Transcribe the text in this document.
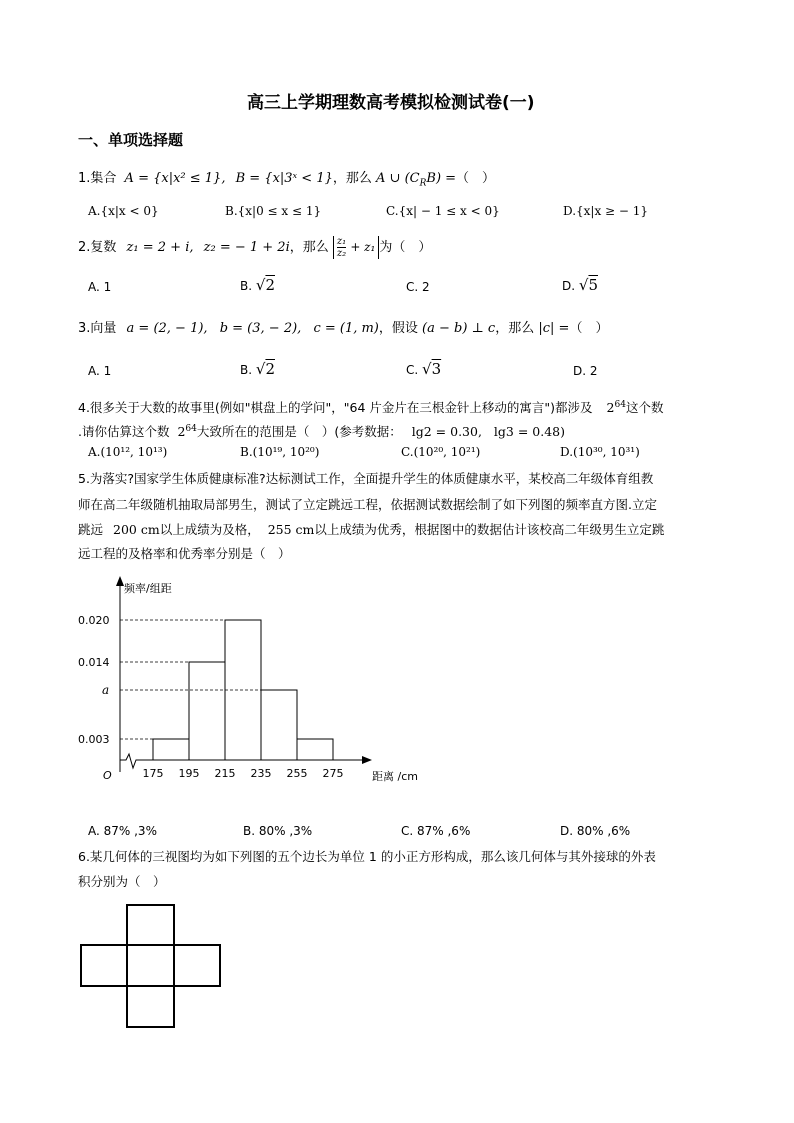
高三上学期理数高考模拟检测试卷(一)
一、单项选择题
1.集合 A = {x|x² ≤ 1}, B = {x|3ˣ < 1}，那么 A ∪ $(C_RB)$ =（　）
A.{x|x < 0}	B.{x|0 ≤ x ≤ 1}	C.{x| − 1 ≤ x < 0}	D.{x|x ≥ − 1}
2.复数 z₁ = 2 + i, z₂ = − 1 + 2i，那么 $\frac{\text{z₁}}{\text{z₂}} + z_1$ 为（　）
A. 1	B. √2	C. 2	D. √5
3.向量 a = (2, − 1), b = (3, − 2), c = (1, m)，假设 (a − b) ⊥ c，那么 |c| =（　）
A. 1	B. √2	C. √3	D. 2
4.很多关于大数的故事里(例如"棋盘上的学问"，"64 片金片在三根金针上移动的寓言")都涉及 $2^{64}$这个数
.请你估算这个数 $2^{64}$大致所在的范围是（　）(参考数据： lg2 = 0.30, lg3 = 0.48)
A.(10¹², 10¹³)	B.(10¹⁹, 10²⁰)	C.(10²⁰, 10²¹)	D.(10³⁰, 10³¹)
5.为落实?国家学生体质健康标准?达标测试工作，全面提升学生的体质健康水平，某校高二年级体育组教
师在高二年级随机抽取局部男生，测试了立定跳远工程，依据测试数据绘制了如下列图的频率直方图.立定
跳远 200 cm以上成绩为及格， 255 cm以上成绩为优秀，根据图中的数据估计该校高二年级男生立定跳
远工程的及格率和优秀率分别是（　）
频率/组距
距离 /cm
O
0.003
a
0.014
0.020
175 195 215 235 255 275
A. 87% ,3%	B. 80% ,3%	C. 87% ,6%	D. 80% ,6%
6.某几何体的三视图均为如下列图的五个边长为单位 1 的小正方形构成，那么该几何体与其外接球的外表
积分别为（　）
